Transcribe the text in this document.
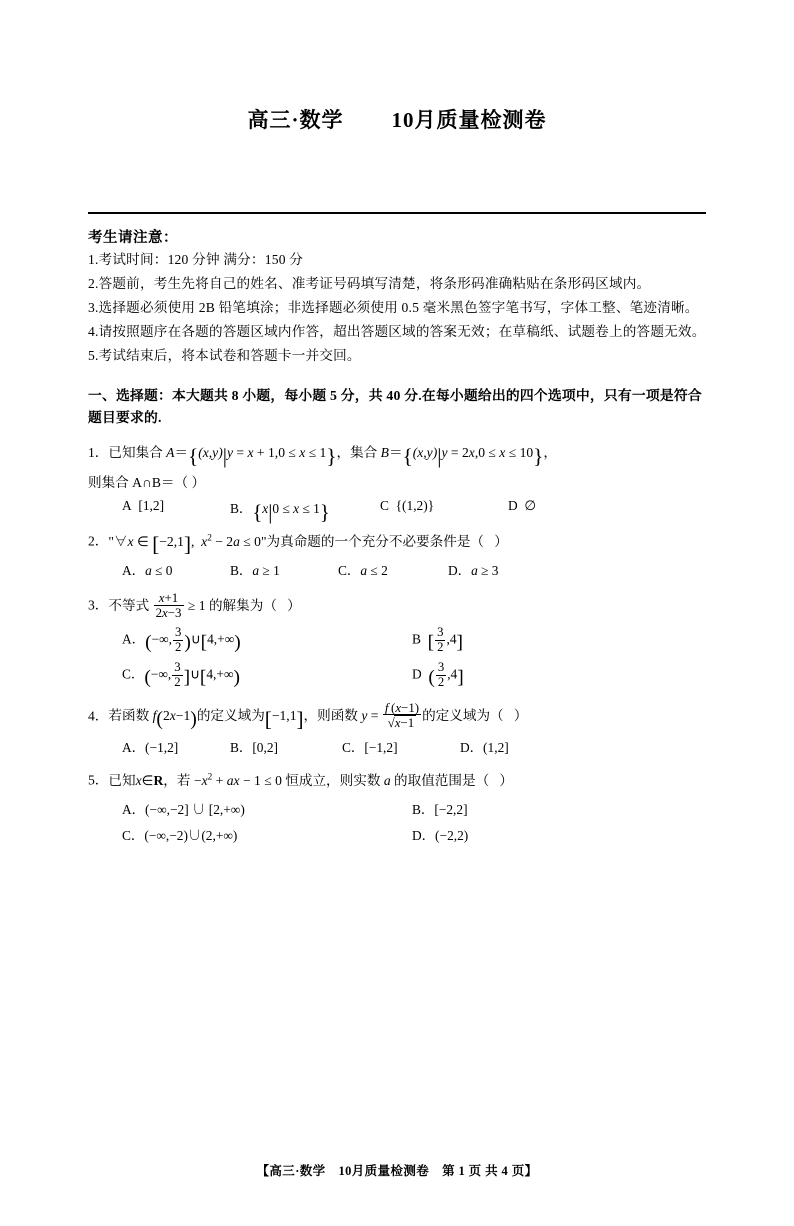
高三·数学 10月质量检测卷
考生请注意：
1.考试时间：120 分钟 满分：150 分
2.答题前，考生先将自己的姓名、准考证号码填写清楚，将条形码准确粘贴在条形码区域内。
3.选择题必须使用 2B 铅笔填涂；非选择题必须使用 0.5 毫米黑色签字笔书写，字体工整、笔迹清晰。
4.请按照题序在各题的答题区域内作答，超出答题区域的答案无效；在草稿纸、试题卷上的答题无效。
5.考试结束后，将本试卷和答题卡一并交回。
一、选择题：本大题共 8 小题，每小题 5 分，共 40 分.在每小题给出的四个选项中，只有一项是符合题目要求的.
1．已知集合 A＝{(x,y)|y = x + 1,0 ≤ x ≤ 1}，集合 B＝{(x,y)|y = 2x,0 ≤ x ≤ 10}，
则集合 A∩B＝（ ）
A  [1,2]	B．{x|0 ≤ x ≤ 1}	C  {(1,2)}	D  ∅
2．"∀x ∈ [−2,1],  $x^2 - 2a \le 0$"为真命题的一个充分不必要条件是（   ）
A．a ≤ 0	B．a ≥ 1	C．a ≤ 2	D．a ≥ 3
3．不等式 $\frac{x+1}{2x-3} \ge 1$ 的解集为（   ）
A．(−∞, $\frac{3}{2}$ )∪[4,+∞)	B  [ $\frac{3}{2} ,4$]
C．(−∞, $\frac{3}{2}$ ]∪[4,+∞)	D  ( $\frac{3}{2} ,4$]
4．若函数 f(2x−1)的定义域为[−1,1]，则函数 $y = \frac{f (x-1)}{√x-1}$ 的定义域为（   ）
A．(−1,2]	B．[0,2]	C．[−1,2]	D．(1,2]
5．已知x∈R，若 $-x^2$ + ax − 1 ≤ 0 恒成立，则实数 a 的取值范围是（   ）
A．(−∞,−2] ∪ [2,+∞)	B．[−2,2]
C．(−∞,−2)∪(2,+∞)	D．(−2,2)
【高三·数学　10月质量检测卷　第 1 页 共 4 页】
